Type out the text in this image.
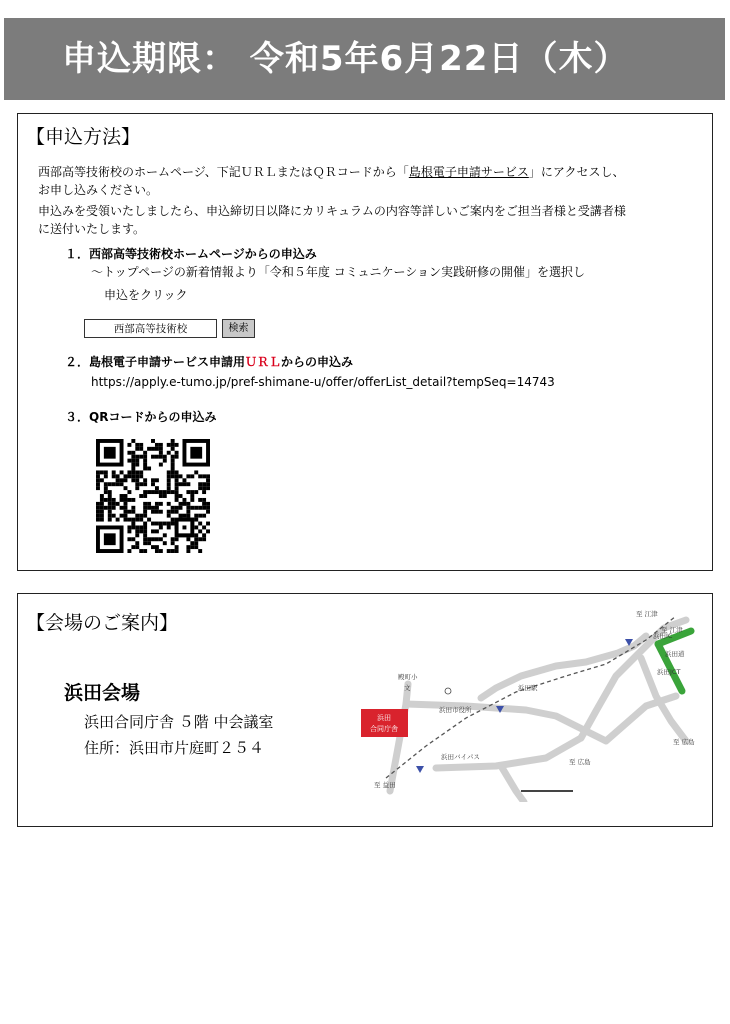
申込期限： 令和5年6月22日（木）
【申込方法】
西部高等技術校のホームページ、下記ＵＲＬまたはＱＲコードから「島根電子申請サービス」にアクセスし、
お申し込みください。
申込みを受領いたしましたら、申込締切日以降にカリキュラムの内容等詳しいご案内をご担当者様と受講者様
に送付いたします。
１．西部高等技術校ホームページからの申込み
～トップページの新着情報より「令和５年度 コミュニケーション実践研修の開催」を選択し
申込をクリック
西部高等技術校	検索
２．島根電子申請サービス申請用ＵＲＬからの申込み
https://apply.e-tumo.jp/pref-shimane-u/offer/offerList_detail?tempSeq=14743
３．QRコードからの申込み
【会場のご案内】
浜田会場
浜田合同庁舎 ５階 中会議室
住所：浜田市片庭町２５４
浜田
合同庁舎
至 江津
至 江津
浜田IC
浜田道
浜田JCT
殿町小
文	浜田駅
浜田市役所
浜田バイパス
至 広島
至 広島
至 益田
